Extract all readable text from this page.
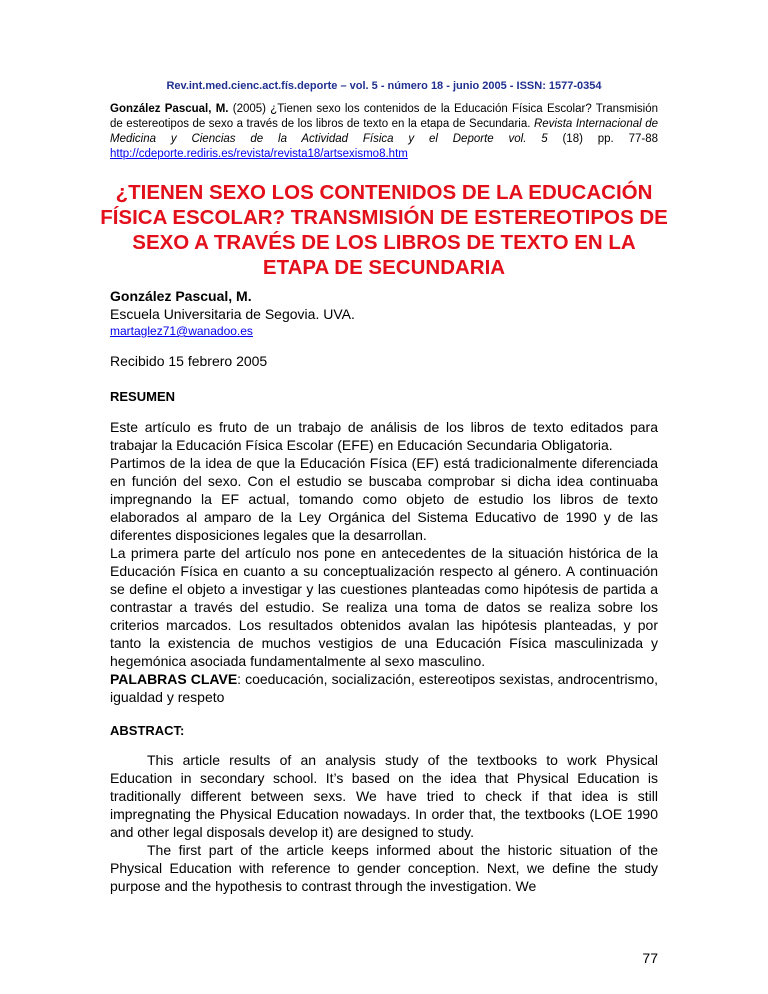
Rev.int.med.cienc.act.fís.deporte – vol. 5 - número 18 - junio 2005 - ISSN: 1577-0354
González Pascual, M. (2005) ¿Tienen sexo los contenidos de la Educación Física Escolar? Transmisión de estereotipos de sexo a través de los libros de texto en la etapa de Secundaria. Revista Internacional de Medicina y Ciencias de la Actividad Física y el Deporte vol. 5 (18) pp. 77-88 http://cdeporte.rediris.es/revista/revista18/artsexismo8.htm
¿TIENEN SEXO LOS CONTENIDOS DE LA EDUCACIÓN FÍSICA ESCOLAR? TRANSMISIÓN DE ESTEREOTIPOS DE SEXO A TRAVÉS DE LOS LIBROS DE TEXTO EN LA ETAPA DE SECUNDARIA
González Pascual, M.
Escuela Universitaria de Segovia. UVA.
martaglez71@wanadoo.es
Recibido 15 febrero 2005
RESUMEN

Este artículo es fruto de un trabajo de análisis de los libros de texto editados para trabajar la Educación Física Escolar (EFE) en Educación Secundaria Obligatoria.

Partimos de la idea de que la Educación Física (EF) está tradicionalmente diferenciada en función del sexo. Con el estudio se buscaba comprobar si dicha idea continuaba impregnando la EF actual, tomando como objeto de estudio los libros de texto elaborados al amparo de la Ley Orgánica del Sistema Educativo de 1990 y de las diferentes disposiciones legales que la desarrollan.

La primera parte del artículo nos pone en antecedentes de la situación histórica de la Educación Física en cuanto a su conceptualización respecto al género. A continuación se define el objeto a investigar y las cuestiones planteadas como hipótesis de partida a contrastar a través del estudio. Se realiza una toma de datos se realiza sobre los criterios marcados. Los resultados obtenidos avalan las hipótesis planteadas, y por tanto la existencia de muchos vestigios de una Educación Física masculinizada y hegemónica asociada fundamentalmente al sexo masculino.

PALABRAS CLAVE: coeducación, socialización, estereotipos sexistas, androcentrismo, igualdad y respeto
ABSTRACT:

This article results of an analysis study of the textbooks to work Physical Education in secondary school. It’s based on the idea that Physical Education is traditionally different between sexs. We have tried to check if that idea is still impregnating the Physical Education nowadays. In order that, the textbooks (LOE 1990 and other legal disposals develop it) are designed to study.

The first part of the article keeps informed about the historic situation of the Physical Education with reference to gender conception. Next, we define the study purpose and the hypothesis to contrast through the investigation. We

77
